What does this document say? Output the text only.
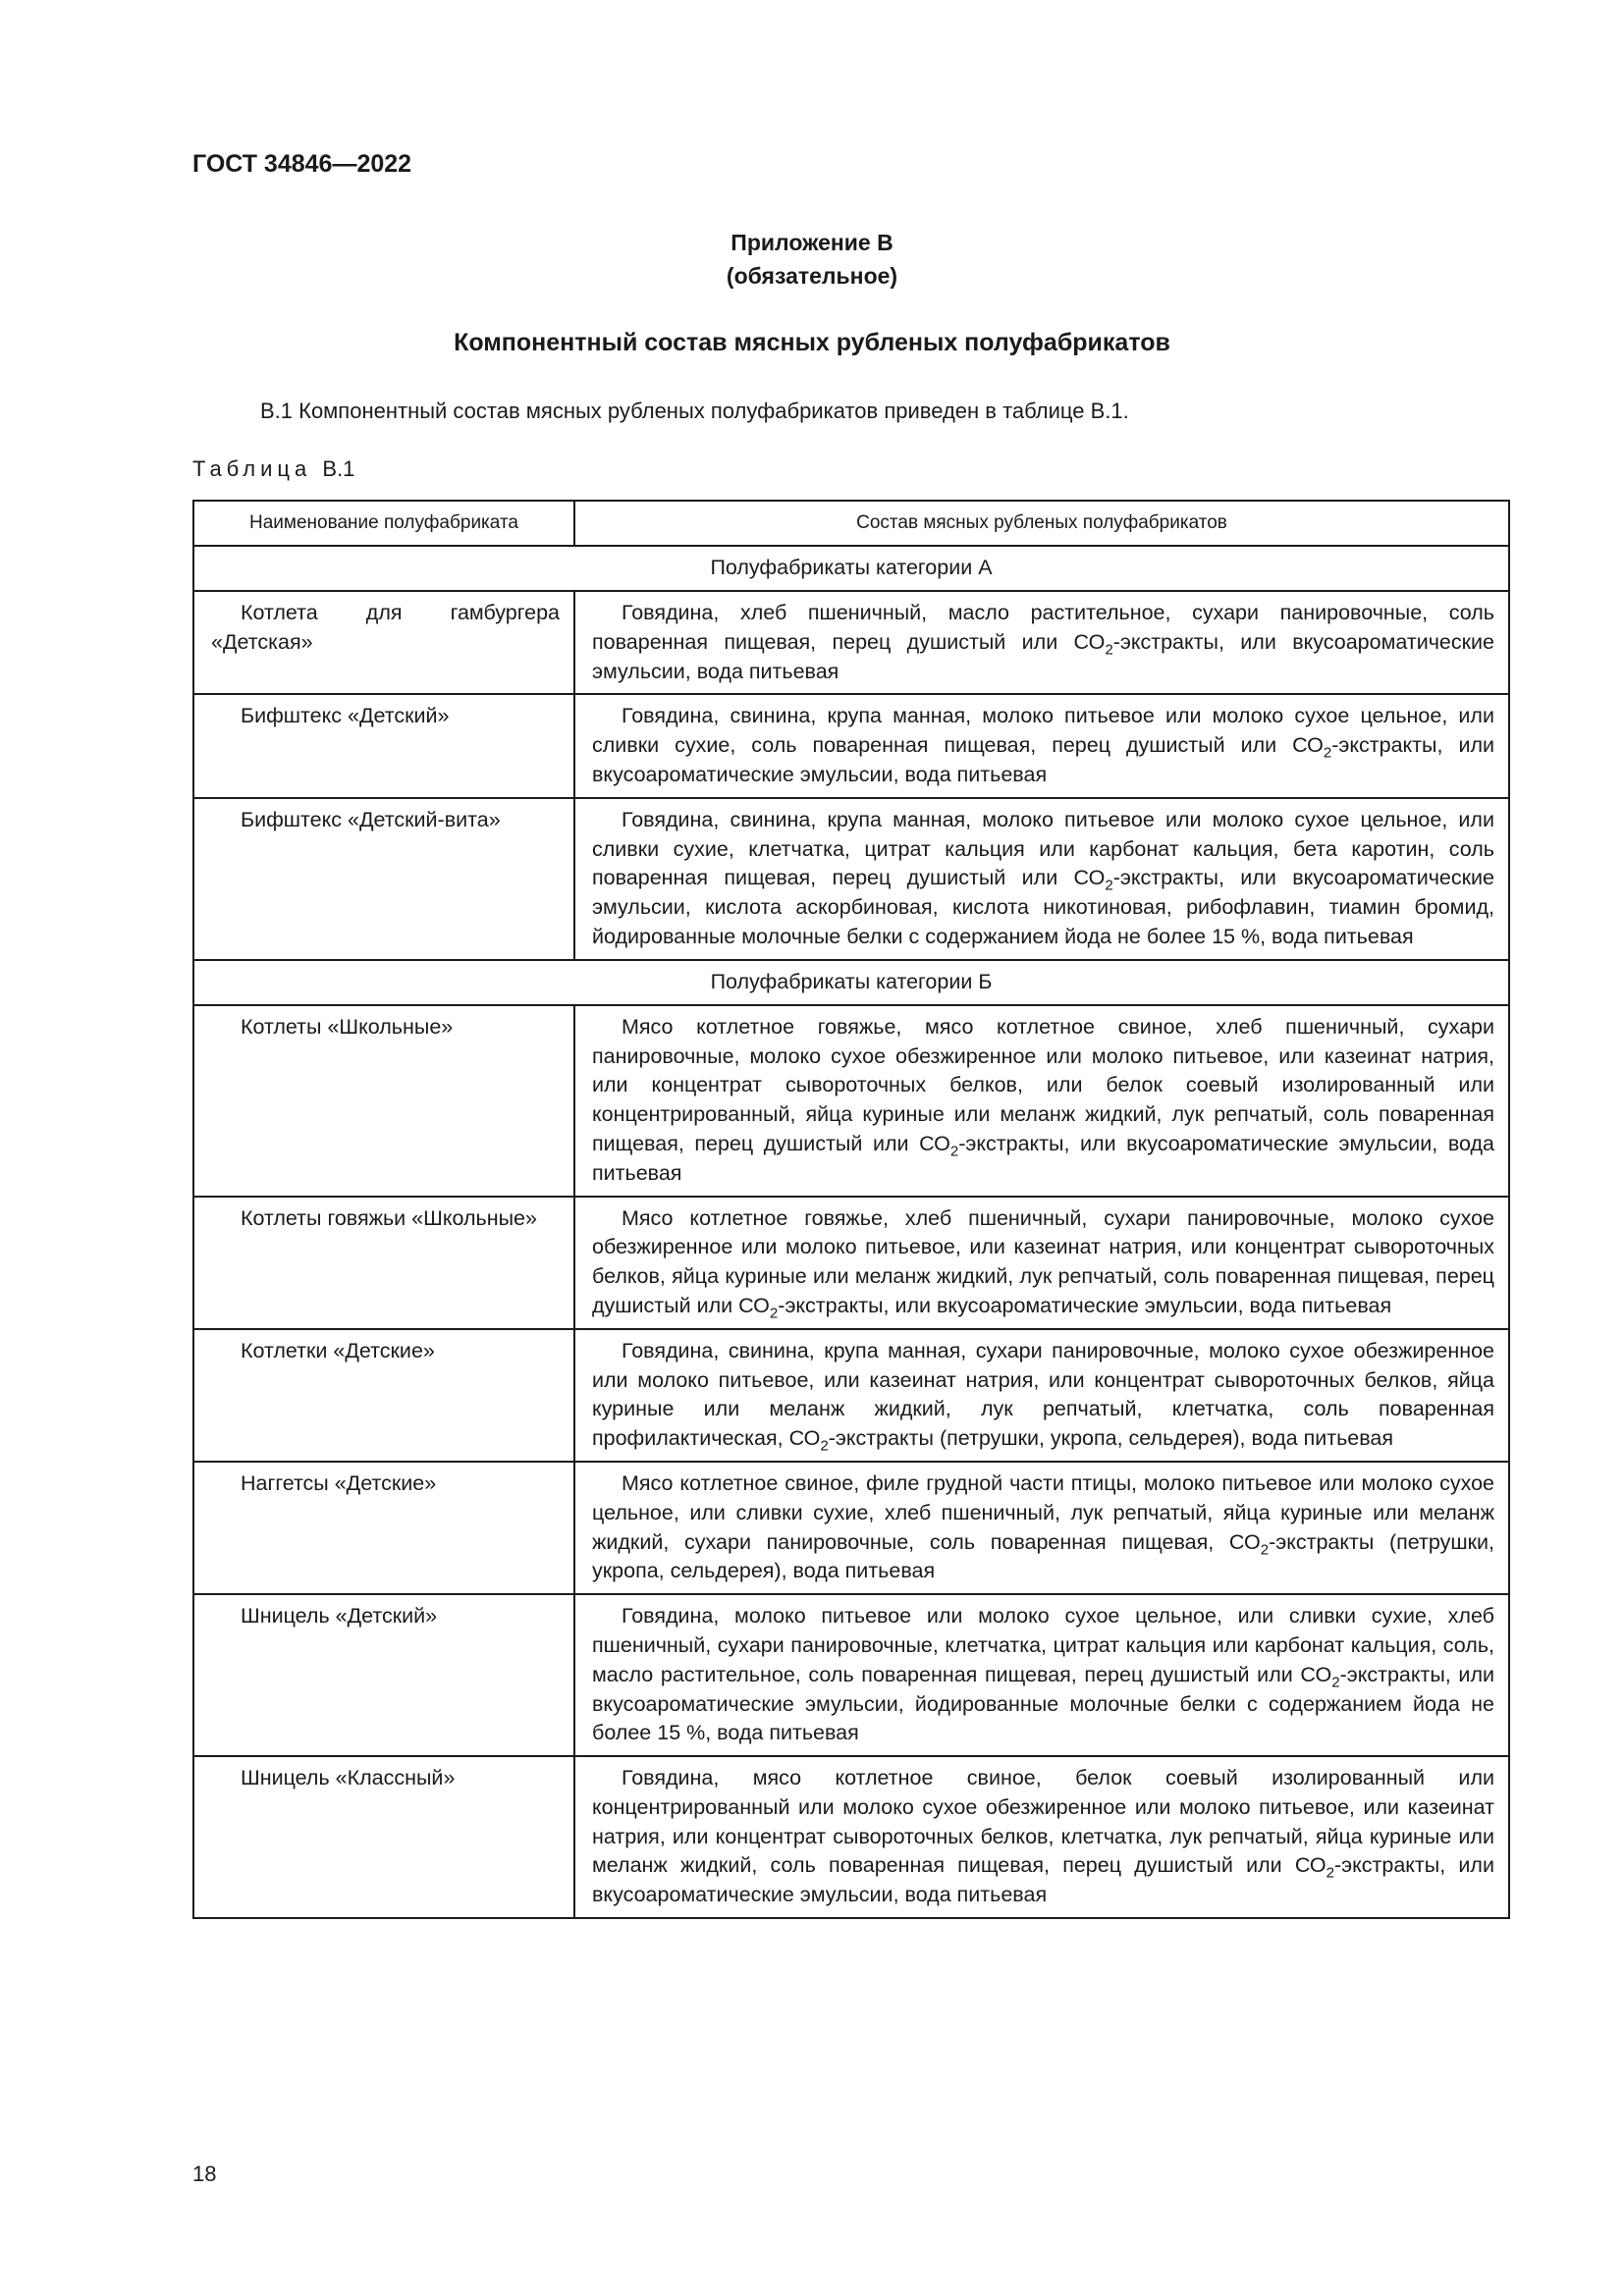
ГОСТ 34846—2022

Приложение В
(обязательное)

Компонентный состав мясных рубленых полуфабрикатов

В.1 Компонентный состав мясных рубленых полуфабрикатов приведен в таблице В.1.

Таблица В.1

Наименование полуфабриката	Состав мясных рубленых полуфабрикатов
Полуфабрикаты категории А	
Котлета для гамбургера «Детская»	Говядина, хлеб пшеничный, масло растительное, сухари панировочные, соль поваренная пищевая, перец душистый или $СО_2$-экстракты, или вкусоароматические эмульсии, вода питьевая
Бифштекс «Детский»	Говядина, свинина, крупа манная, молоко питьевое или молоко сухое цельное, или сливки сухие, соль поваренная пищевая, перец душистый или $СО_2$-экстракты, или вкусоароматические эмульсии, вода питьевая
Бифштекс «Детский-вита»	Говядина, свинина, крупа манная, молоко питьевое или молоко сухое цельное, или сливки сухие, клетчатка, цитрат кальция или карбонат кальция, бета каротин, соль поваренная пищевая, перец душистый или $СО_2$-экстракты, или вкусоароматические эмульсии, кислота аскорбиновая, кислота никотиновая, рибофлавин, тиамин бромид, йодированные молочные белки с содержанием йода не более 15 %, вода питьевая
Полуфабрикаты категории Б	
Котлеты «Школьные»	Мясо котлетное говяжье, мясо котлетное свиное, хлеб пшеничный, сухари панировочные, молоко сухое обезжиренное или молоко питьевое, или казеинат натрия, или концентрат сывороточных белков, или белок соевый изолированный или концентрированный, яйца куриные или меланж жидкий, лук репчатый, соль поваренная пищевая, перец душистый или $СО_2$-экстракты, или вкусоароматические эмульсии, вода питьевая
Котлеты говяжьи «Школьные»	Мясо котлетное говяжье, хлеб пшеничный, сухари панировочные, молоко сухое обезжиренное или молоко питьевое, или казеинат натрия, или концентрат сывороточных белков, яйца куриные или меланж жидкий, лук репчатый, соль поваренная пищевая, перец душистый или $СО_2$-экстракты, или вкусоароматические эмульсии, вода питьевая
Котлетки «Детские»	Говядина, свинина, крупа манная, сухари панировочные, молоко сухое обезжиренное или молоко питьевое, или казеинат натрия, или концентрат сывороточных белков, яйца куриные или меланж жидкий, лук репчатый, клетчатка, соль поваренная профилактическая, $СО_2$-экстракты (петрушки, укропа, сельдерея), вода питьевая
Наггетсы «Детские»	Мясо котлетное свиное, филе грудной части птицы, молоко питьевое или молоко сухое цельное, или сливки сухие, хлеб пшеничный, лук репчатый, яйца куриные или меланж жидкий, сухари панировочные, соль поваренная пищевая, $СО_2$-экстракты (петрушки, укропа, сельдерея), вода питьевая
Шницель «Детский»	Говядина, молоко питьевое или молоко сухое цельное, или сливки сухие, хлеб пшеничный, сухари панировочные, клетчатка, цитрат кальция или карбонат кальция, соль, масло растительное, соль поваренная пищевая, перец душистый или $СО_2$-экстракты, или вкусоароматические эмульсии, йодированные молочные белки с содержанием йода не более 15 %, вода питьевая
Шницель «Классный»	Говядина, мясо котлетное свиное, белок соевый изолированный или концентрированный или молоко сухое обезжиренное или молоко питьевое, или казеинат натрия, или концентрат сывороточных белков, клетчатка, лук репчатый, яйца куриные или меланж жидкий, соль поваренная пищевая, перец душистый или $СО_2$-экстракты, или вкусоароматические эмульсии, вода питьевая

18
